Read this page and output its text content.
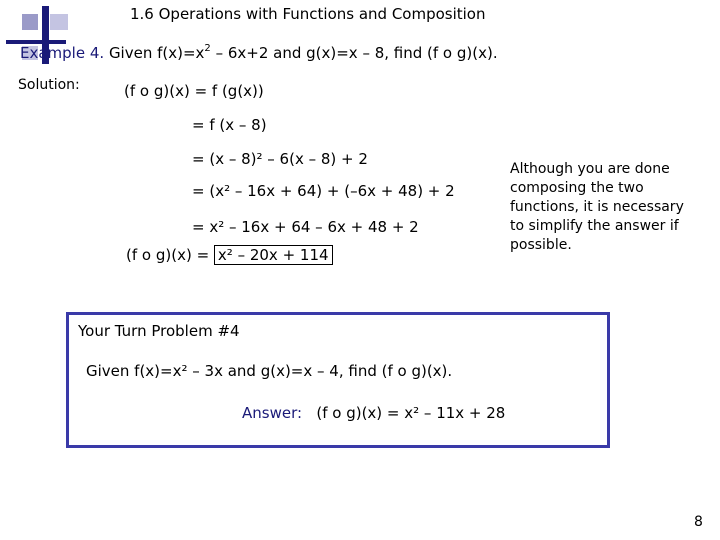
1.6 Operations with Functions and Composition
Example 4. Given $f(x)=x^2 - 6x+2$ and g(x)=x – 8, find (f o g)(x).
Solution:	(f o g)(x) = f (g(x))
= f (x – 8)
= (x – 8)² – 6(x – 8) + 2
= (x² – 16x + 64) + (–6x + 48) + 2
= x² – 16x + 64 – 6x + 48 + 2
(f o g)(x) = x² – 20x + 114
Although you are done composing the two functions, it is necessary to simplify the answer if possible.
Your Turn Problem #4
Given f(x)=x² – 3x and g(x)=x – 4, find (f o g)(x).
Answer: (f o g)(x) = x² – 11x + 28
8
